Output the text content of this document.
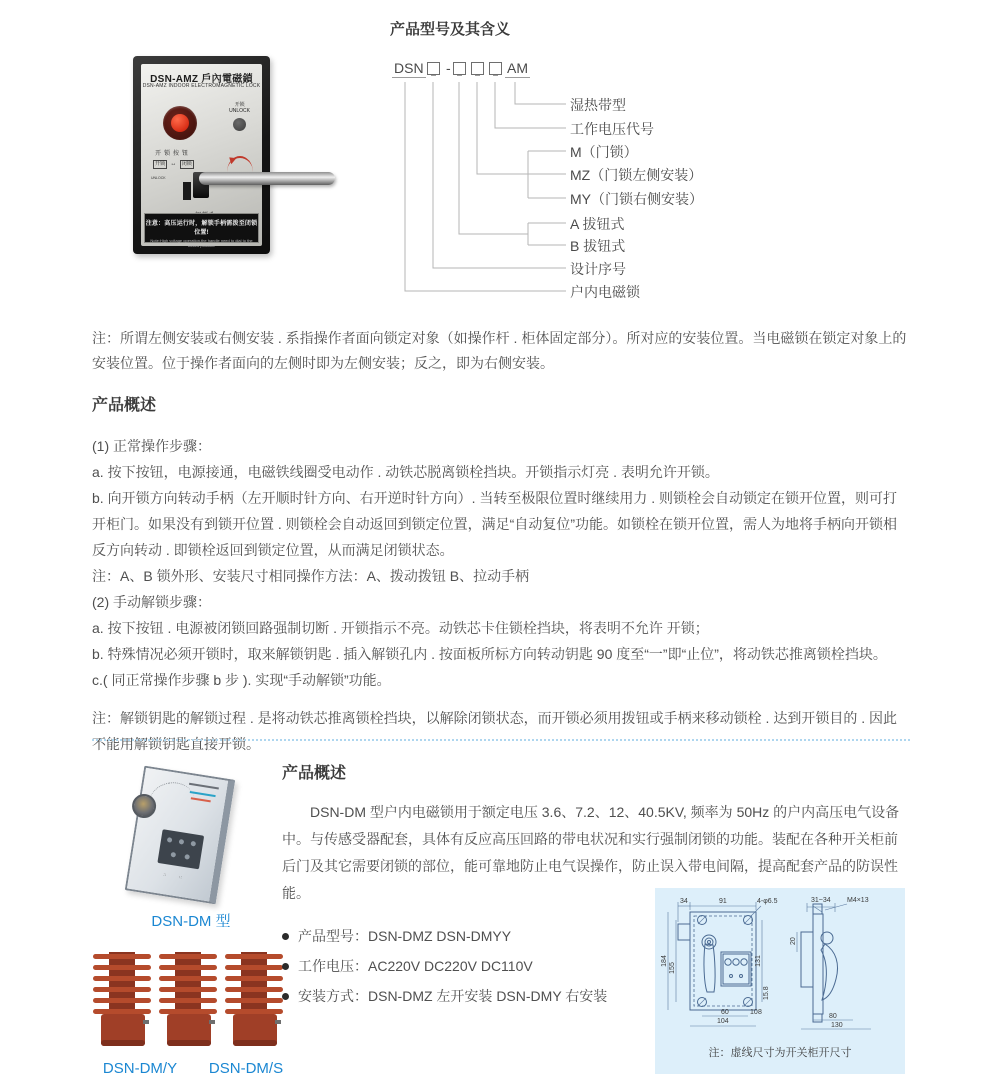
DSN-AMZ 戶內電磁鎖
DSN-AMZ INDOOR ELECTROMAGNETIC LOCK
开锁
UNLOCK
开锁按钮
开锁 ↔ 闭锁
UNLOCK
注意：高压运行时，解锁手柄需拨至闭锁位置!
Note:High voltage operation,the handle need to dial to the locked position!
产品型号及其含义
DSN -	AM
湿热带型
工作电压代号
M（门锁）
MZ（门锁左侧安装）
MY（门锁右侧安装）
A 拔钮式
B 拔钮式
设计序号
户内电磁锁

注：所谓左侧安装或右侧安装 . 系指操作者面向锁定对象（如操作杆 . 柜体固定部分）。所对应的安装位置。当电磁锁在锁定对象上的安装位置。位于操作者面向的左侧时即为左侧安装；反之，即为右侧安装。

产品概述

(1) 正常操作步骤：

a. 按下按钮，电源接通，电磁铁线圈受电动作 . 动铁芯脱离锁栓挡块。开锁指示灯亮 . 表明允许开锁。

b. 向开锁方向转动手柄（左开顺时针方向、右开逆时针方向）. 当转至极限位置时继续用力 . 则锁栓会自动锁定在锁开位置，则可打开柜门。如果没有到锁开位置 . 则锁栓会自动返回到锁定位置，满足“自动复位”功能。如锁栓在锁开位置，需人为地将手柄向开锁相反方向转动 . 即锁栓返回到锁定位置，从而满足闭锁状态。

注：A、B 锁外形、安装尺寸相同操作方法：A、拨动拨钮 B、拉动手柄

(2) 手动解锁步骤：

a. 按下按钮 . 电源被闭锁回路强制切断 . 开锁指示不亮。动铁芯卡住锁栓挡块，将表明不允许 开锁；

b. 特殊情况必须开锁时，取来解锁钥匙 . 插入解锁孔内 . 按面板所标方向转动钥匙 90 度至“一”即“止位”，将动铁芯推离锁栓挡块。

c.( 同正常操作步骤 b 步 ). 实现“手动解锁”功能。

注：解锁钥匙的解锁过程 . 是将动铁芯推离锁栓挡块，以解除闭锁状态，而开锁必须用拨钮或手柄来移动锁栓 . 达到开锁目的 . 因此不能用解锁钥匙直接开锁。

∷ ∷
DSN-DM 型
DSN-DM/Y	DSN-DM/S
产品概述

DSN-DM 型户内电磁锁用于额定电压 3.6、7.2、12、40.5KV, 频率为 50Hz 的户内高压电气设备中。与传感受器配套，具体有反应高压回路的带电状况和实行强制闭锁的功能。装配在各种开关柜前后门及其它需要闭锁的部位，能可靠地防止电气误操作，防止误入带电间隔，提高配套产品的防误性能。

产品型号：DSN-DMZ DSN-DMYY
工作电压：AC220V DC220V DC110V
安装方式：DSN-DMZ 左开安装 DSN-DMY 右安装
34	91	4-φ6.5
184
155
131
15.8
60	10 8
104
31~34 M4×13
20
80
130
注：虚线尺寸为开关柜开尺寸
